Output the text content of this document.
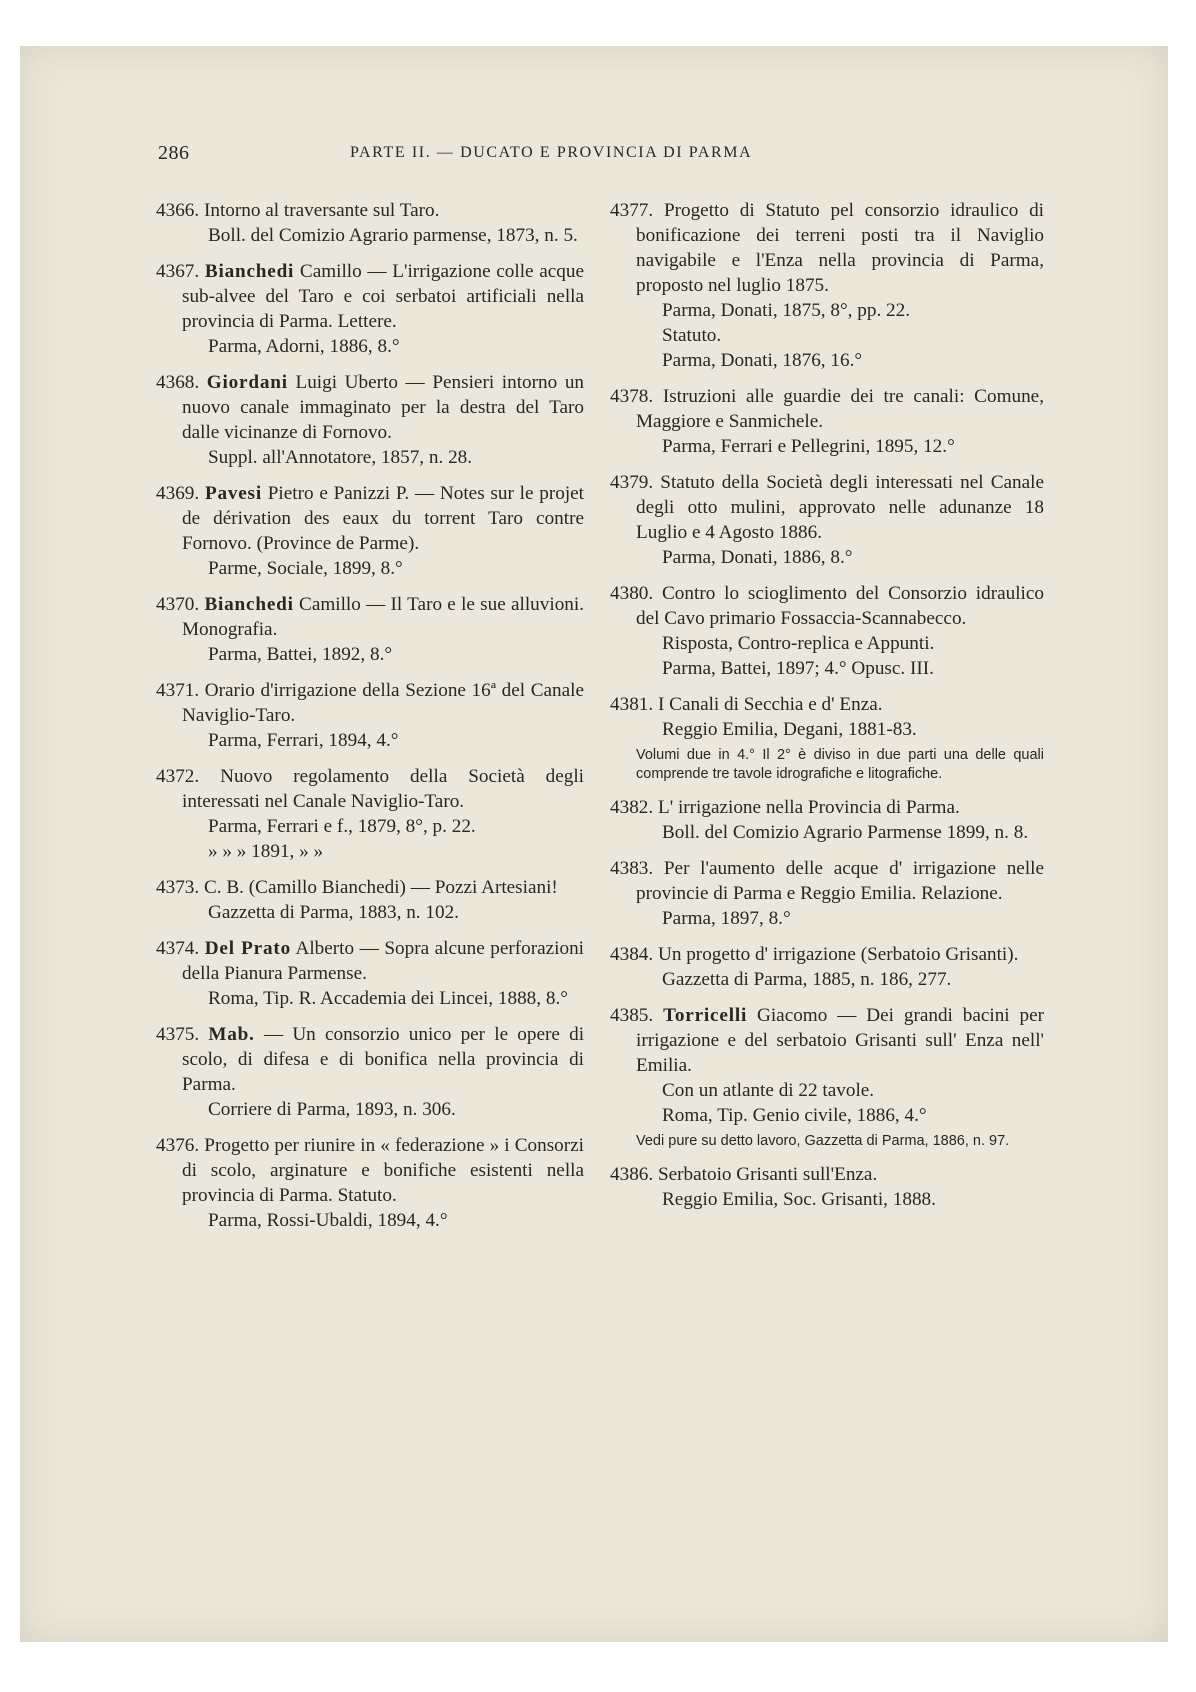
286	PARTE II. — DUCATO E PROVINCIA DI PARMA
4366. Intorno al traversante sul Taro.
Boll. del Comizio Agrario parmense, 1873, n. 5.
4367. Bianchedi Camillo — L'irrigazione colle acque sub-alvee del Taro e coi serbatoi artificiali nella provincia di Parma. Lettere.
Parma, Adorni, 1886, 8.°
4368. Giordani Luigi Uberto — Pensieri intorno un nuovo canale immaginato per la destra del Taro dalle vicinanze di Fornovo.
Suppl. all'Annotatore, 1857, n. 28.
4369. Pavesi Pietro e Panizzi P. — Notes sur le projet de dérivation des eaux du torrent Taro contre Fornovo. (Province de Parme).
Parme, Sociale, 1899, 8.°
4370. Bianchedi Camillo — Il Taro e le sue alluvioni. Monografia.
Parma, Battei, 1892, 8.°
4371. Orario d'irrigazione della Sezione 16ª del Canale Naviglio-Taro.
Parma, Ferrari, 1894, 4.°
4372. Nuovo regolamento della Società degli interessati nel Canale Naviglio-Taro.
Parma, Ferrari e f., 1879, 8°, p. 22.
» » » 1891, » »
4373. C. B. (Camillo Bianchedi) — Pozzi Artesiani!
Gazzetta di Parma, 1883, n. 102.
4374. Del Prato Alberto — Sopra alcune perforazioni della Pianura Parmense.
Roma, Tip. R. Accademia dei Lincei, 1888, 8.°
4375. Mab. — Un consorzio unico per le opere di scolo, di difesa e di bonifica nella provincia di Parma.
Corriere di Parma, 1893, n. 306.
4376. Progetto per riunire in « federazione » i Consorzi di scolo, arginature e bonifiche esistenti nella provincia di Parma. Statuto.
Parma, Rossi-Ubaldi, 1894, 4.°
4377. Progetto di Statuto pel consorzio idraulico di bonificazione dei terreni posti tra il Naviglio navigabile e l'Enza nella provincia di Parma, proposto nel luglio 1875.
Parma, Donati, 1875, 8°, pp. 22.
Statuto.
Parma, Donati, 1876, 16.°
4378. Istruzioni alle guardie dei tre canali: Comune, Maggiore e Sanmichele.
Parma, Ferrari e Pellegrini, 1895, 12.°
4379. Statuto della Società degli interessati nel Canale degli otto mulini, approvato nelle adunanze 18 Luglio e 4 Agosto 1886.
Parma, Donati, 1886, 8.°
4380. Contro lo scioglimento del Consorzio idraulico del Cavo primario Fossaccia-Scannabecco.
Risposta, Contro-replica e Appunti.
Parma, Battei, 1897; 4.° Opusc. III.
4381. I Canali di Secchia e d' Enza.
Reggio Emilia, Degani, 1881-83.
Volumi due in 4.° Il 2° è diviso in due parti una delle quali comprende tre tavole idrografiche e litografiche.
4382. L' irrigazione nella Provincia di Parma.
Boll. del Comizio Agrario Parmense 1899, n. 8.
4383. Per l'aumento delle acque d' irrigazione nelle provincie di Parma e Reggio Emilia. Relazione.
Parma, 1897, 8.°
4384. Un progetto d' irrigazione (Serbatoio Grisanti).
Gazzetta di Parma, 1885, n. 186, 277.
4385. Torricelli Giacomo — Dei grandi bacini per irrigazione e del serbatoio Grisanti sull' Enza nell' Emilia.
Con un atlante di 22 tavole.
Roma, Tip. Genio civile, 1886, 4.°
Vedi pure su detto lavoro, Gazzetta di Parma, 1886, n. 97.
4386. Serbatoio Grisanti sull'Enza.
Reggio Emilia, Soc. Grisanti, 1888.
